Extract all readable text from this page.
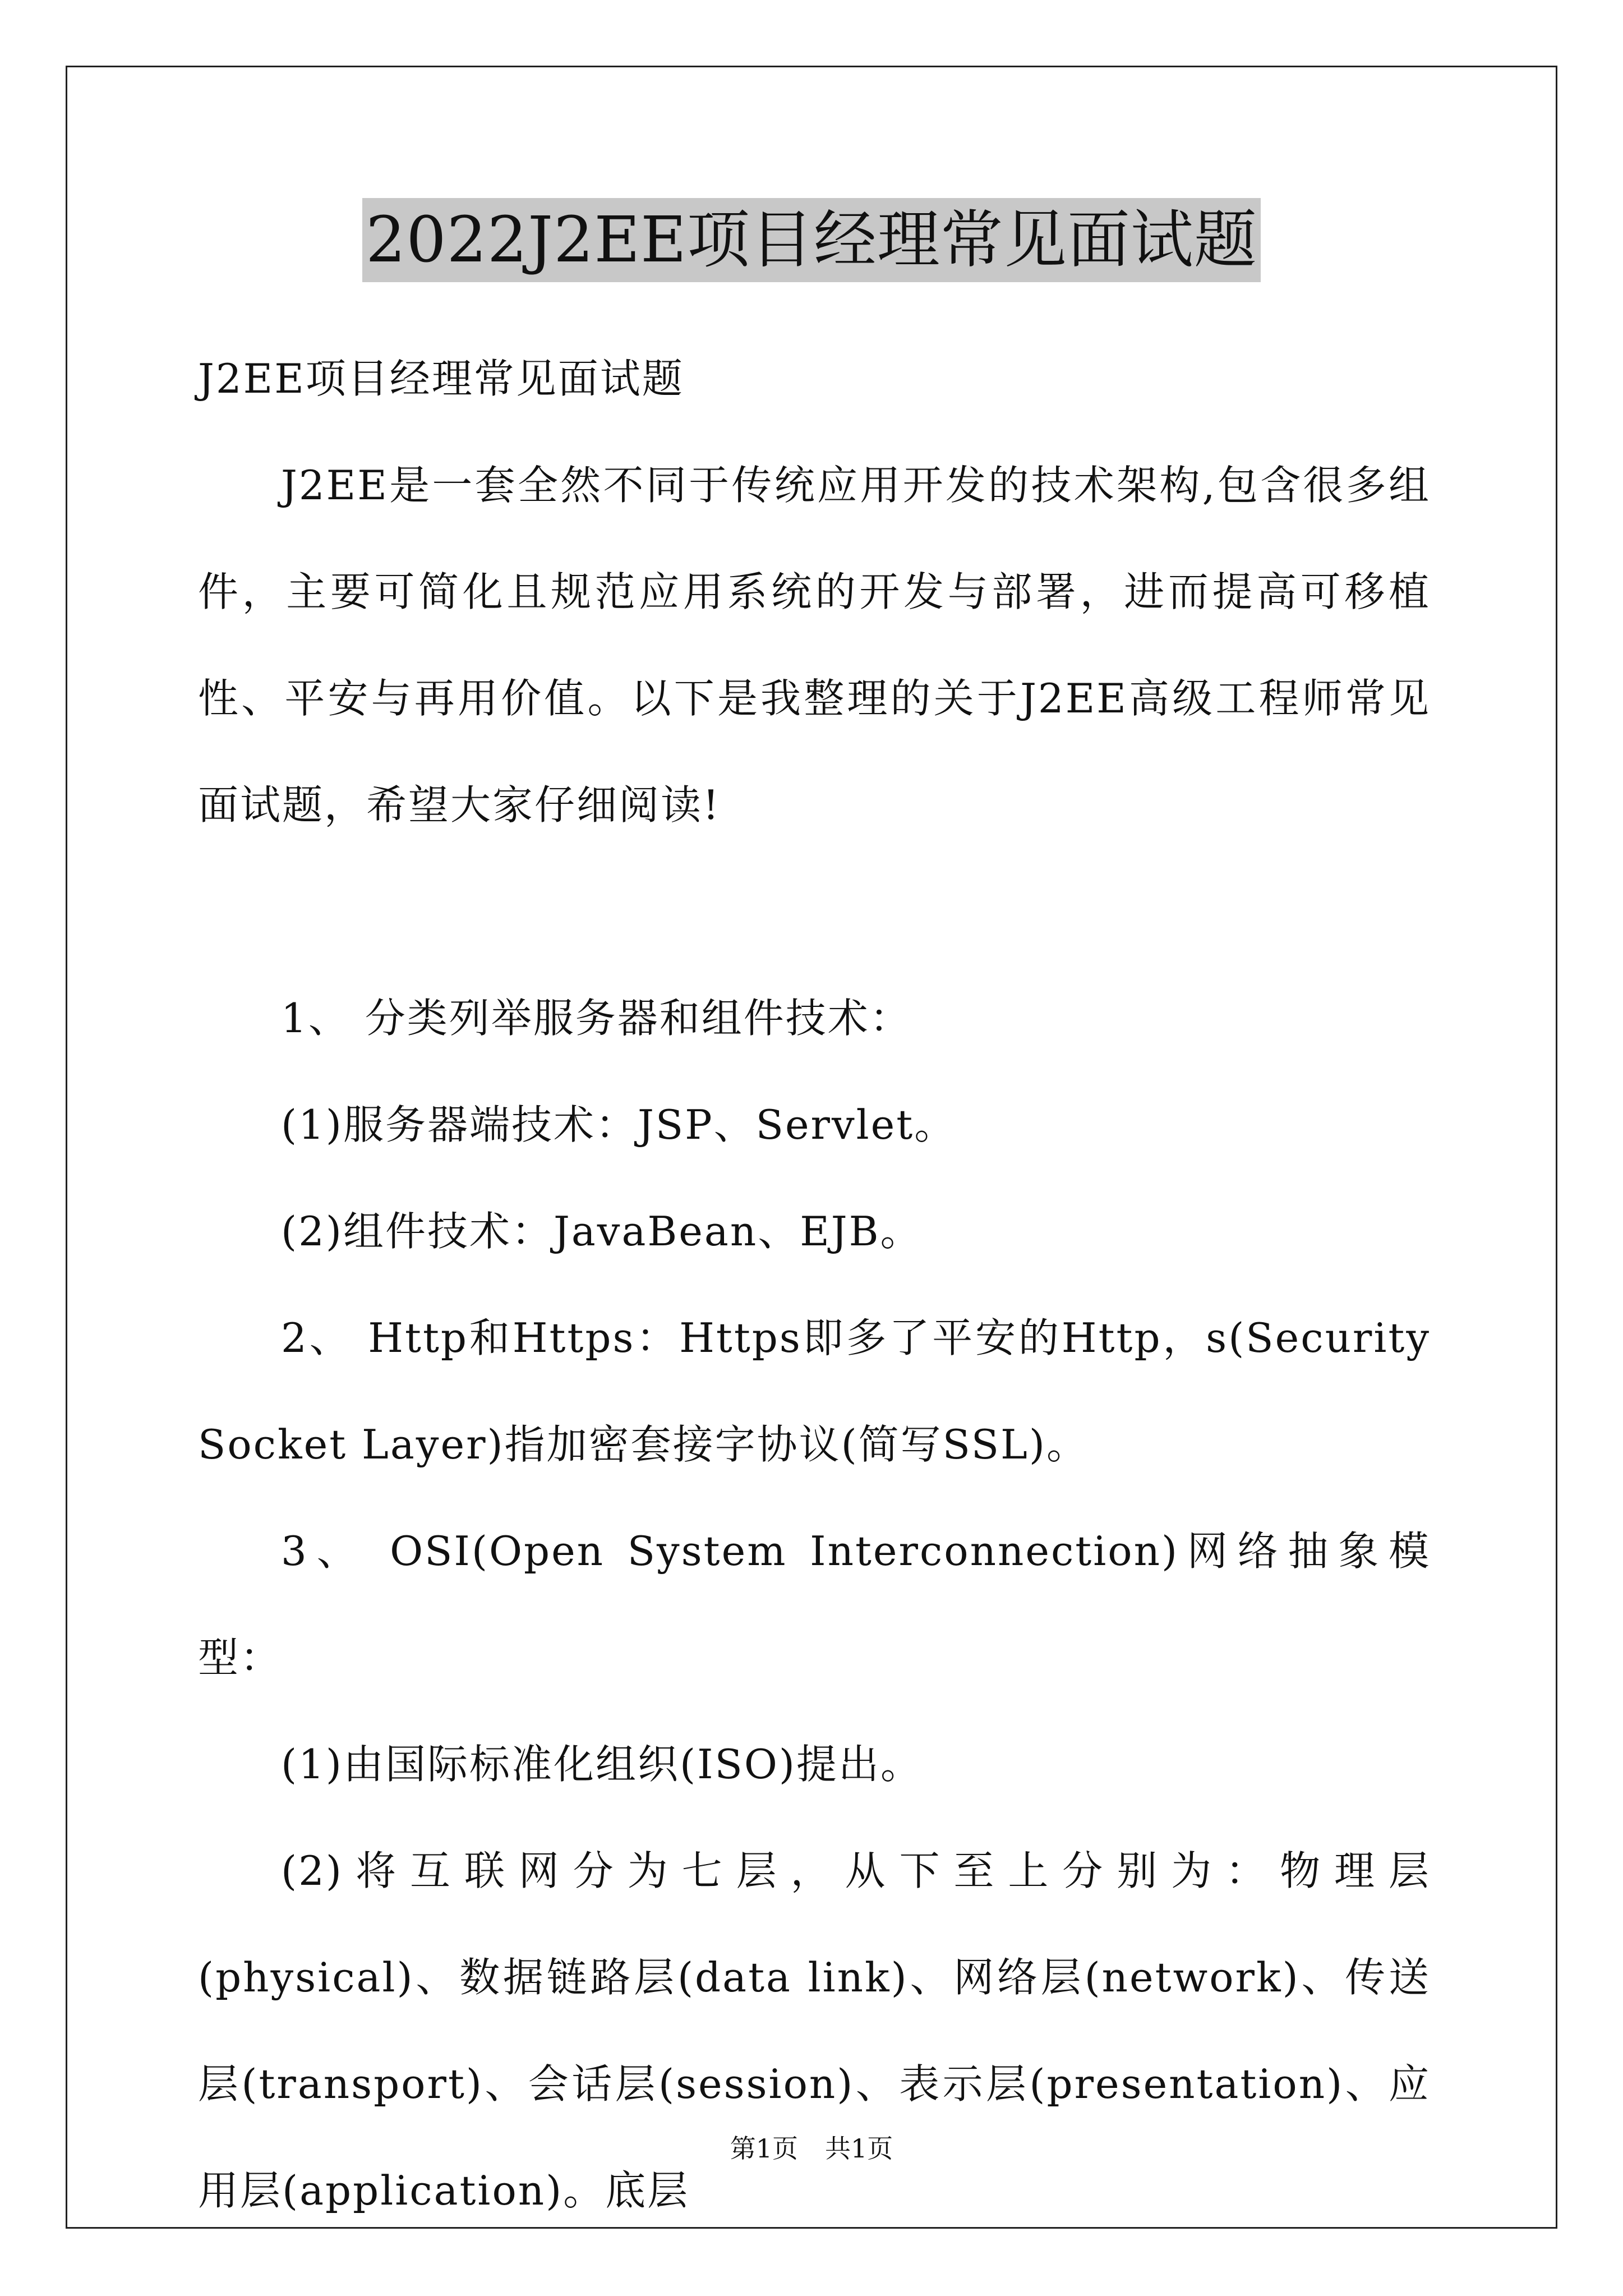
2022J2EE项目经理常见面试题

J2EE项目经理常见面试题

J2EE是一套全然不同于传统应用开发的技术架构,包含很多组件，主要可简化且规范应用系统的开发与部署，进而提高可移植性、平安与再用价值。以下是我整理的关于J2EE高级工程师常见面试题，希望大家仔细阅读!

1、 分类列举服务器和组件技术：

(1)服务器端技术：JSP、Servlet。

(2)组件技术：JavaBean、EJB。

2、 Http和Https：Https即多了平安的Http，s(Security Socket Layer)指加密套接字协议(简写SSL)。

3、 OSI(Open System Interconnection)网络抽象模型：

(1)由国际标准化组织(ISO)提出。

(2)将互联网分为七层，从下至上分别为：物理层(physical)、数据链路层(data link)、网络层(network)、传送层(transport)、会话层(session)、表示层(presentation)、应用层(application)。底层

第1页 共1页
